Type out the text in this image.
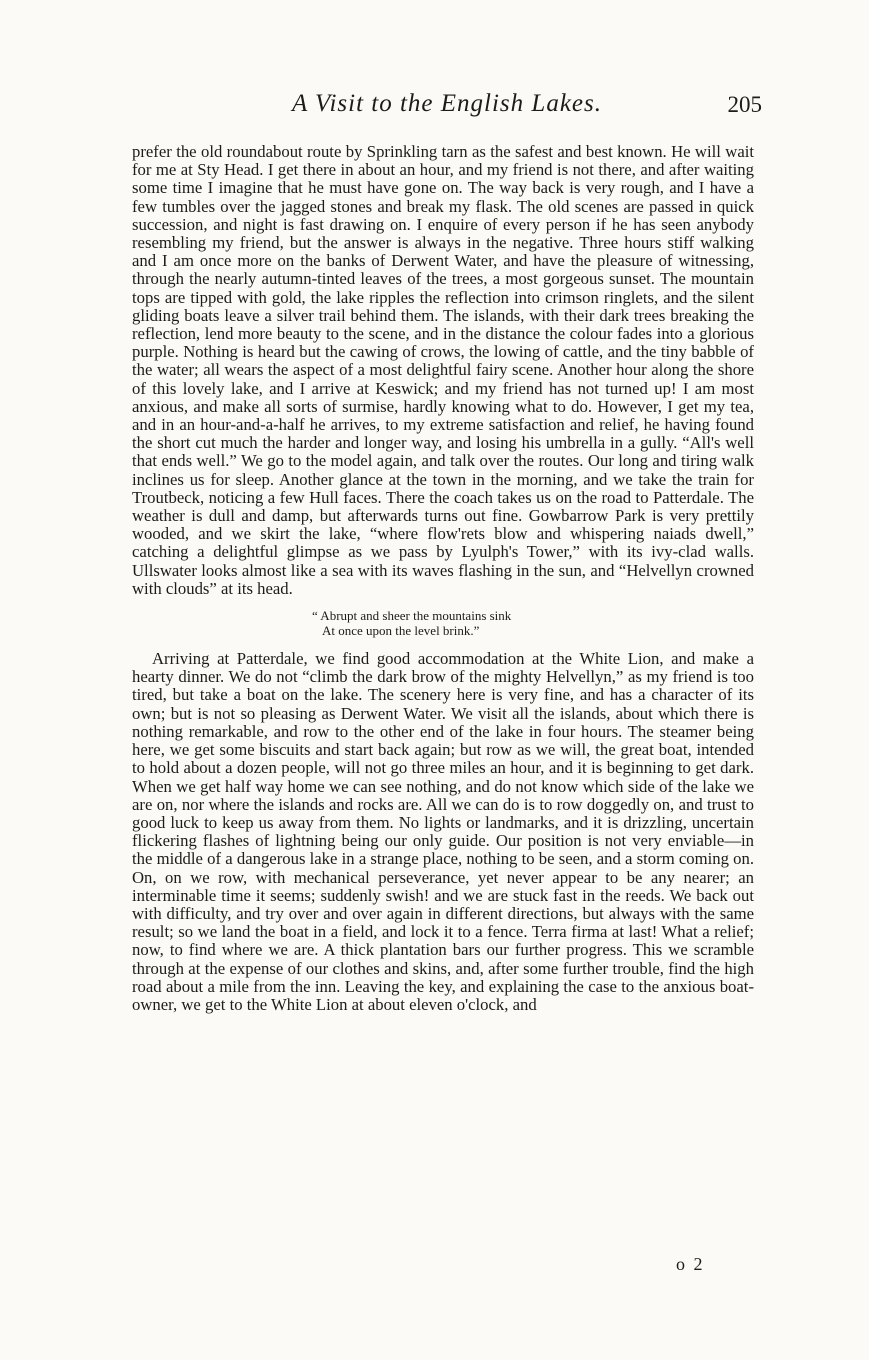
A Visit to the English Lakes.	205

prefer the old roundabout route by Sprinkling tarn as the safest and best known. He will wait for me at Sty Head. I get there in about an hour, and my friend is not there, and after waiting some time I imagine that he must have gone on. The way back is very rough, and I have a few tumbles over the jagged stones and break my flask. The old scenes are passed in quick succession, and night is fast drawing on. I enquire of every person if he has seen anybody resembling my friend, but the answer is always in the negative. Three hours stiff walking and I am once more on the banks of Derwent Water, and have the pleasure of witnessing, through the nearly autumn-tinted leaves of the trees, a most gorgeous sunset. The mountain tops are tipped with gold, the lake ripples the reflection into crimson ringlets, and the silent gliding boats leave a silver trail behind them. The islands, with their dark trees breaking the reflection, lend more beauty to the scene, and in the distance the colour fades into a glorious purple. Nothing is heard but the cawing of crows, the lowing of cattle, and the tiny babble of the water; all wears the aspect of a most delightful fairy scene. Another hour along the shore of this lovely lake, and I arrive at Keswick; and my friend has not turned up! I am most anxious, and make all sorts of surmise, hardly knowing what to do. However, I get my tea, and in an hour-and-a-half he arrives, to my extreme satisfaction and relief, he having found the short cut much the harder and longer way, and losing his umbrella in a gully. “All's well that ends well.” We go to the model again, and talk over the routes. Our long and tiring walk inclines us for sleep. Another glance at the town in the morning, and we take the train for Troutbeck, noticing a few Hull faces. There the coach takes us on the road to Patterdale. The weather is dull and damp, but afterwards turns out fine. Gowbarrow Park is very prettily wooded, and we skirt the lake, “where flow'rets blow and whispering naiads dwell,” catching a delightful glimpse as we pass by Lyulph's Tower,” with its ivy-clad walls. Ullswater looks almost like a sea with its waves flashing in the sun, and “Helvellyn crowned with clouds” at its head.

“ Abrupt and sheer the mountains sink
At once upon the level brink.”

Arriving at Patterdale, we find good accommodation at the White Lion, and make a hearty dinner. We do not “climb the dark brow of the mighty Helvellyn,” as my friend is too tired, but take a boat on the lake. The scenery here is very fine, and has a character of its own; but is not so pleasing as Derwent Water. We visit all the islands, about which there is nothing remarkable, and row to the other end of the lake in four hours. The steamer being here, we get some biscuits and start back again; but row as we will, the great boat, intended to hold about a dozen people, will not go three miles an hour, and it is beginning to get dark. When we get half way home we can see nothing, and do not know which side of the lake we are on, nor where the islands and rocks are. All we can do is to row doggedly on, and trust to good luck to keep us away from them. No lights or landmarks, and it is drizzling, uncertain flickering flashes of lightning being our only guide. Our position is not very enviable—in the middle of a dangerous lake in a strange place, nothing to be seen, and a storm coming on. On, on we row, with mechanical perseverance, yet never appear to be any nearer; an interminable time it seems; suddenly swish! and we are stuck fast in the reeds. We back out with difficulty, and try over and over again in different directions, but always with the same result; so we land the boat in a field, and lock it to a fence. Terra firma at last! What a relief; now, to find where we are. A thick plantation bars our further progress. This we scramble through at the expense of our clothes and skins, and, after some further trouble, find the high road about a mile from the inn. Leaving the key, and explaining the case to the anxious boat-owner, we get to the White Lion at about eleven o'clock, and

o 2
